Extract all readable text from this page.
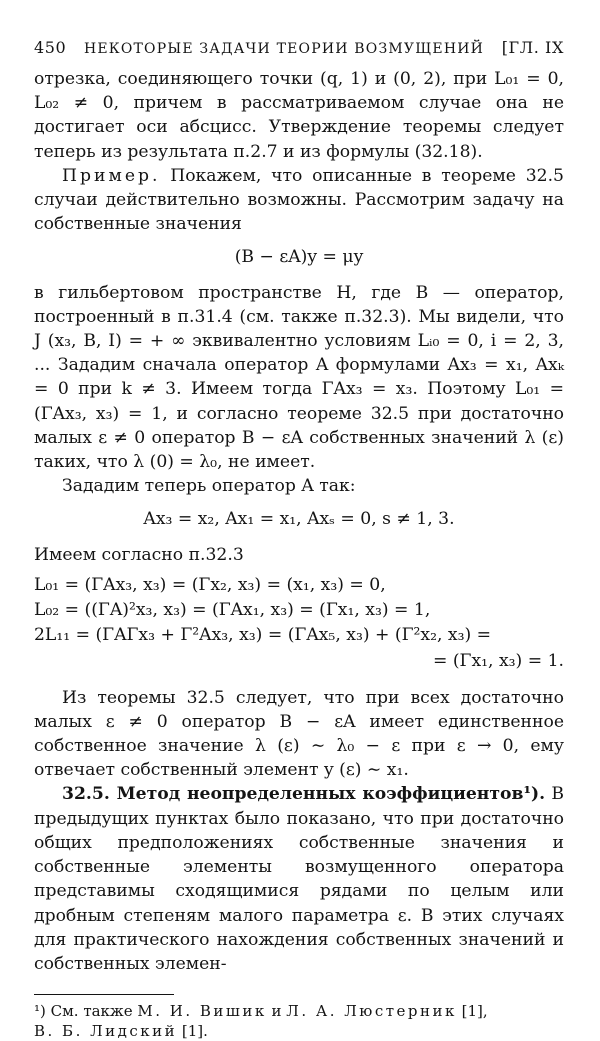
450 НЕКОТОРЫЕ ЗАДАЧИ ТЕОРИИ ВОЗМУЩЕНИЙ [ГЛ. IX

отрезка, соединяющего точки (q, 1) и (0, 2), при L₀₁ = 0, L₀₂ ≠ 0, причем в рассматриваемом случае она не достигает оси абсцисс. Утверждение теоремы следует теперь из результата п.2.7 и из формулы (32.18).

Пример. Покажем, что описанные в теореме 32.5 случаи действительно возможны. Рассмотрим задачу на собственные значения

(B − εA)y = μy

в гильбертовом пространстве H, где B — оператор, построенный в п.31.4 (см. также п.32.3). Мы видели, что J (x₃, B, I) = + ∞ эквивалентно условиям Lᵢ₀ = 0, i = 2, 3, ... Зададим сначала оператор A формулами Ax₃ = x₁, Axₖ = 0 при k ≠ 3. Имеем тогда ΓAx₃ = x₃. Поэтому L₀₁ = (ΓAx₃, x₃) = 1, и согласно теореме 32.5 при достаточно малых ε ≠ 0 оператор B − εA собственных значений λ (ε) таких, что λ (0) = λ₀, не имеет.

Зададим теперь оператор A так:

Ax₃ = x₂, Ax₁ = x₁, Axₛ = 0, s ≠ 1, 3.

Имеем согласно п.32.3

L₀₁ = (ΓAx₃, x₃) = (Γx₂, x₃) = (x₁, x₃) = 0,
L₀₂ = ((ΓA)²x₃, x₃) = (ΓAx₁, x₃) = (Γx₁, x₃) = 1,
2L₁₁ = (ΓAΓx₃ + Γ²Ax₃, x₃) = (ΓAx₅, x₃) + (Γ²x₂, x₃) =
= (Γx₁, x₃) = 1.

Из теоремы 32.5 следует, что при всех достаточно малых ε ≠ 0 оператор B − εA имеет единственное собственное значение λ (ε) ∼ λ₀ − ε при ε → 0, ему отвечает собственный элемент y (ε) ∼ x₁.

32.5. Метод неопределенных коэффициентов¹). В предыдущих пунктах было показано, что при достаточно общих предположениях собственные значения и собственные элементы возмущенного оператора представимы сходящимися рядами по целым или дробным степеням малого параметра ε. В этих случаях для практического нахождения собственных значений и собственных элемен-

¹) См. также М. И. Вишик и Л. А. Люстерник [1],
В. Б. Лидский [1].
